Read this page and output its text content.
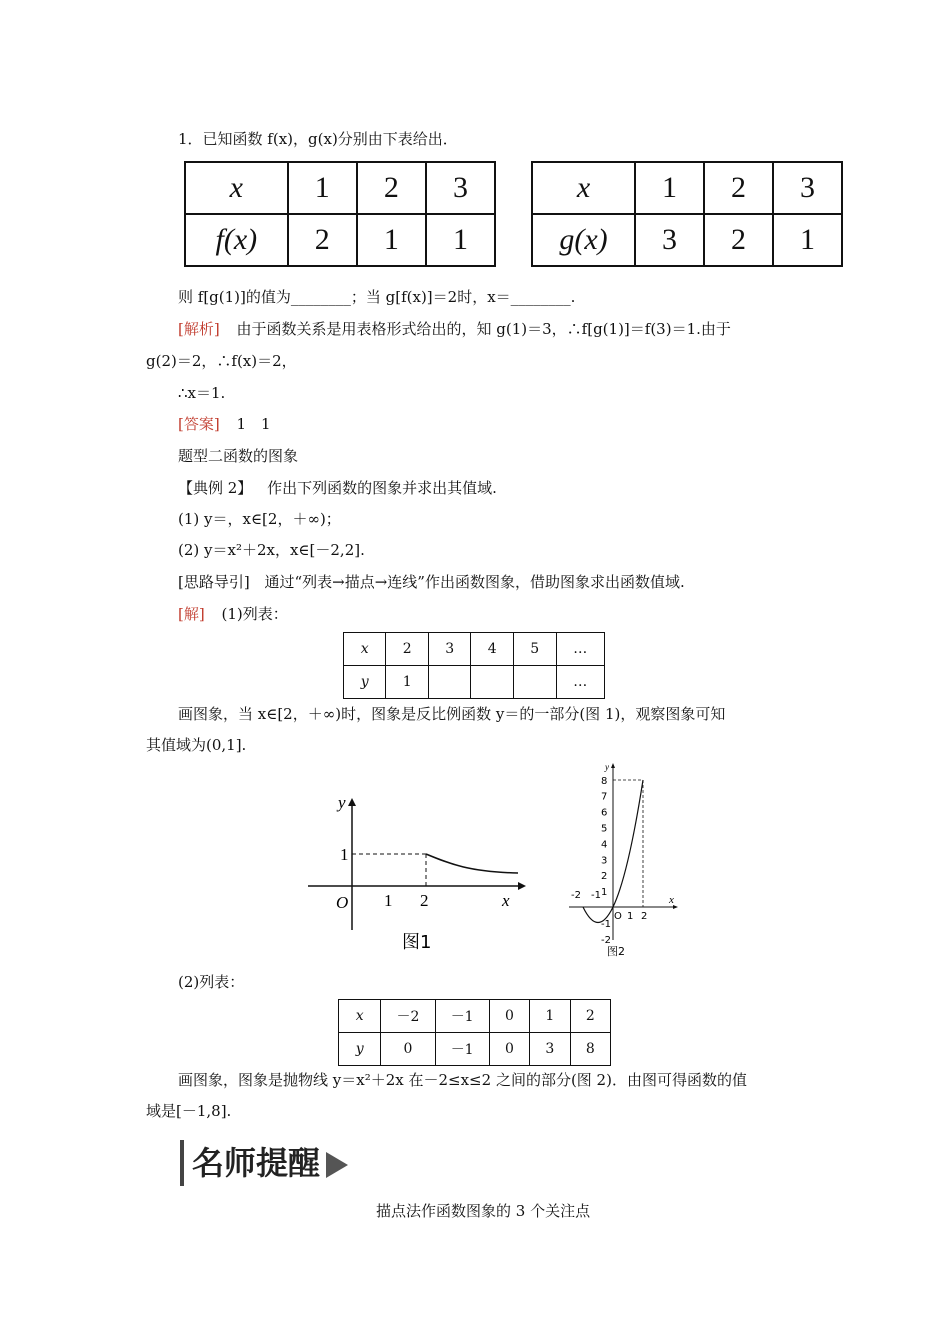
1．已知函数 f(x)，g(x)分别由下表给出．
x	1	2	3
f(x)	2	1	1
x	1	2	3
g(x)	3	2	1
则 f[g(1)]的值为________；当 g[f(x)]＝2时，x＝________.
[解析] 由于函数关系是用表格形式给出的，知 g(1)＝3，∴f[g(1)]＝f(3)＝1.由于
g(2)＝2，∴f(x)＝2，
∴x＝1.
[答案] 1　1
题型二函数的图象
【典例 2】 作出下列函数的图象并求出其值域.
(1) y＝，x∈[2，＋∞)；
(2) y＝x²＋2x，x∈[－2,2].
[思路导引] 通过“列表→描点→连线”作出函数图象，借助图象求出函数值域.
[解] (1)列表：
x	2	3	4	5	…
y	1				…
画图象，当 x∈[2，＋∞)时，图象是反比例函数 y＝的一部分(图 1)，观察图象可知
其值域为(0,1].
y
x
O
1
1 2
图1
8
7
6
5
4
3
2
1
-1
-2
-2 -1
O 1 2
x
y
图2
(2)列表：
x	－2	－1	0	1	2
y	0	－1	0	3	8
画图象，图象是抛物线 y＝x²＋2x 在－2≤x≤2 之间的部分(图 2)．由图可得函数的值
域是[－1,8].
名师提醒
描点法作函数图象的 3 个关注点
